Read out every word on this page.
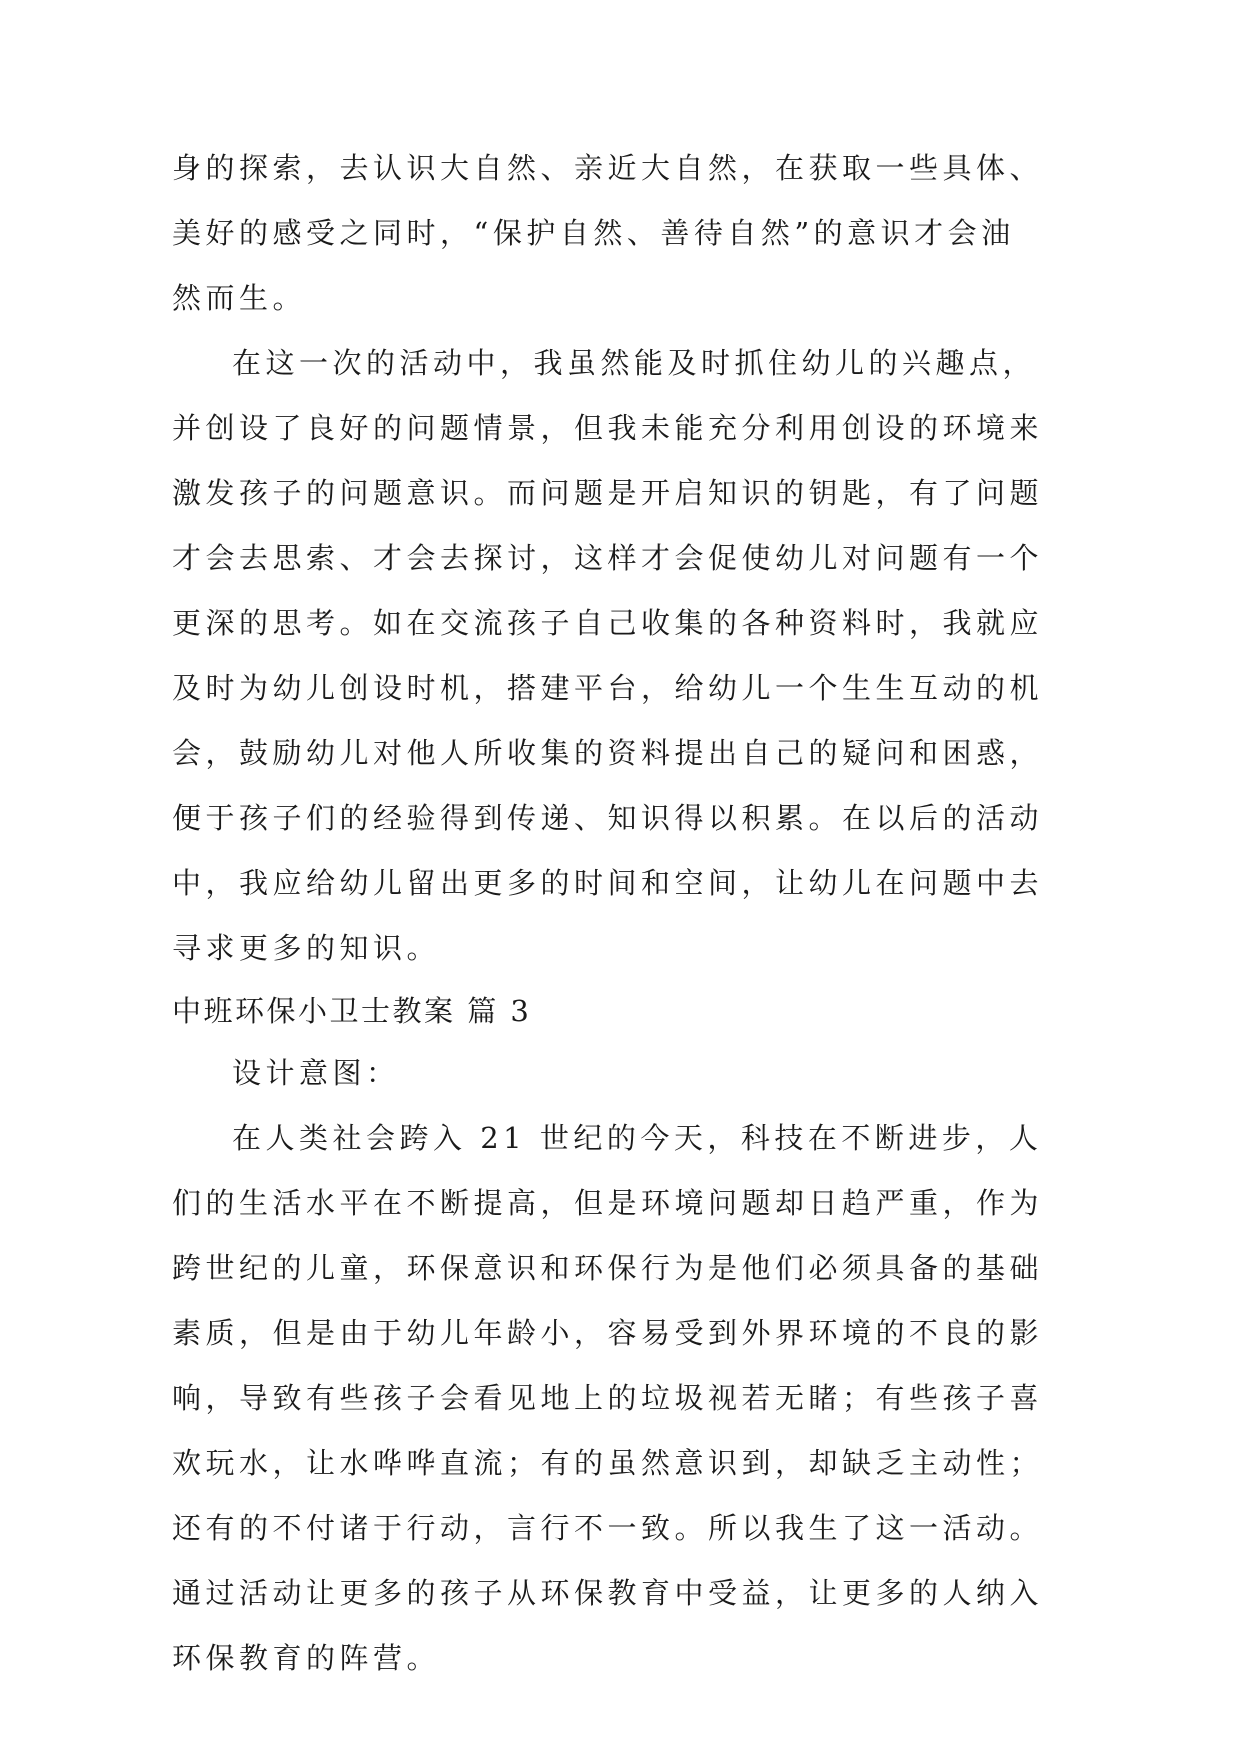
身的探索，去认识大自然、亲近大自然，在获取一些具体、
美好的感受之同时，“保护自然、善待自然”的意识才会油
然而生。
在这一次的活动中，我虽然能及时抓住幼儿的兴趣点，
并创设了良好的问题情景，但我未能充分利用创设的环境来
激发孩子的问题意识。而问题是开启知识的钥匙，有了问题
才会去思索、才会去探讨，这样才会促使幼儿对问题有一个
更深的思考。如在交流孩子自己收集的各种资料时，我就应
及时为幼儿创设时机，搭建平台，给幼儿一个生生互动的机
会，鼓励幼儿对他人所收集的资料提出自己的疑问和困惑，
便于孩子们的经验得到传递、知识得以积累。在以后的活动
中，我应给幼儿留出更多的时间和空间，让幼儿在问题中去
寻求更多的知识。
中班环保小卫士教案 篇 3
设计意图：
在人类社会跨入 21 世纪的今天，科技在不断进步，人
们的生活水平在不断提高，但是环境问题却日趋严重，作为
跨世纪的儿童，环保意识和环保行为是他们必须具备的基础
素质，但是由于幼儿年龄小，容易受到外界环境的不良的影
响，导致有些孩子会看见地上的垃圾视若无睹；有些孩子喜
欢玩水，让水哗哗直流；有的虽然意识到，却缺乏主动性；
还有的不付诸于行动，言行不一致。所以我生了这一活动。
通过活动让更多的孩子从环保教育中受益，让更多的人纳入
环保教育的阵营。
